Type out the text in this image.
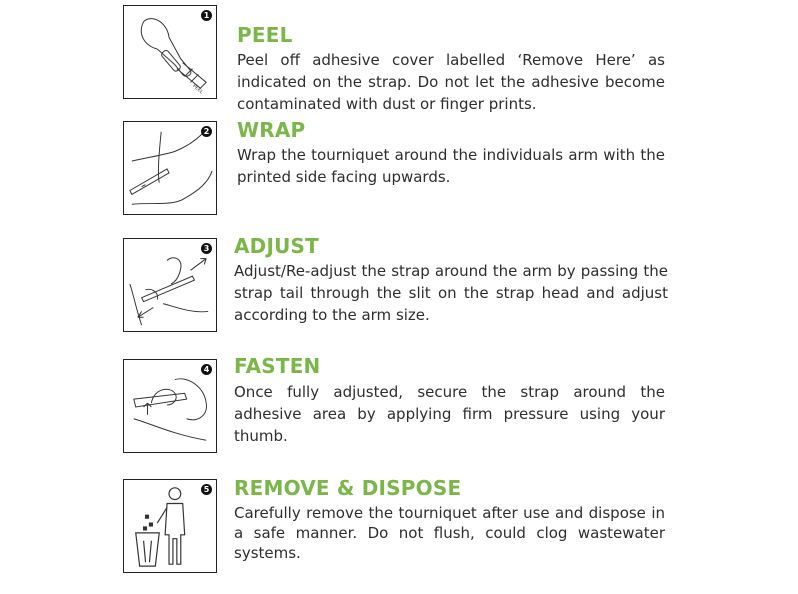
PEEL
1
PEEL

Peel off adhesive cover labelled ‘Remove Here’ as indicated on the strap. Do not let the adhesive become contaminated with dust or finger prints.

2 WRAP

Wrap the tourniquet around the individuals arm with the printed side facing upwards.

3 ADJUST

Adjust/Re-adjust the strap around the arm by passing the strap tail through the slit on the strap head and adjust according to the arm size.

4 FASTEN

Once fully adjusted, secure the strap around the adhesive area by applying firm pressure using your thumb.

5 REMOVE & DISPOSE

Carefully remove the tourniquet after use and dispose in a safe manner. Do not flush, could clog wastewater systems.
